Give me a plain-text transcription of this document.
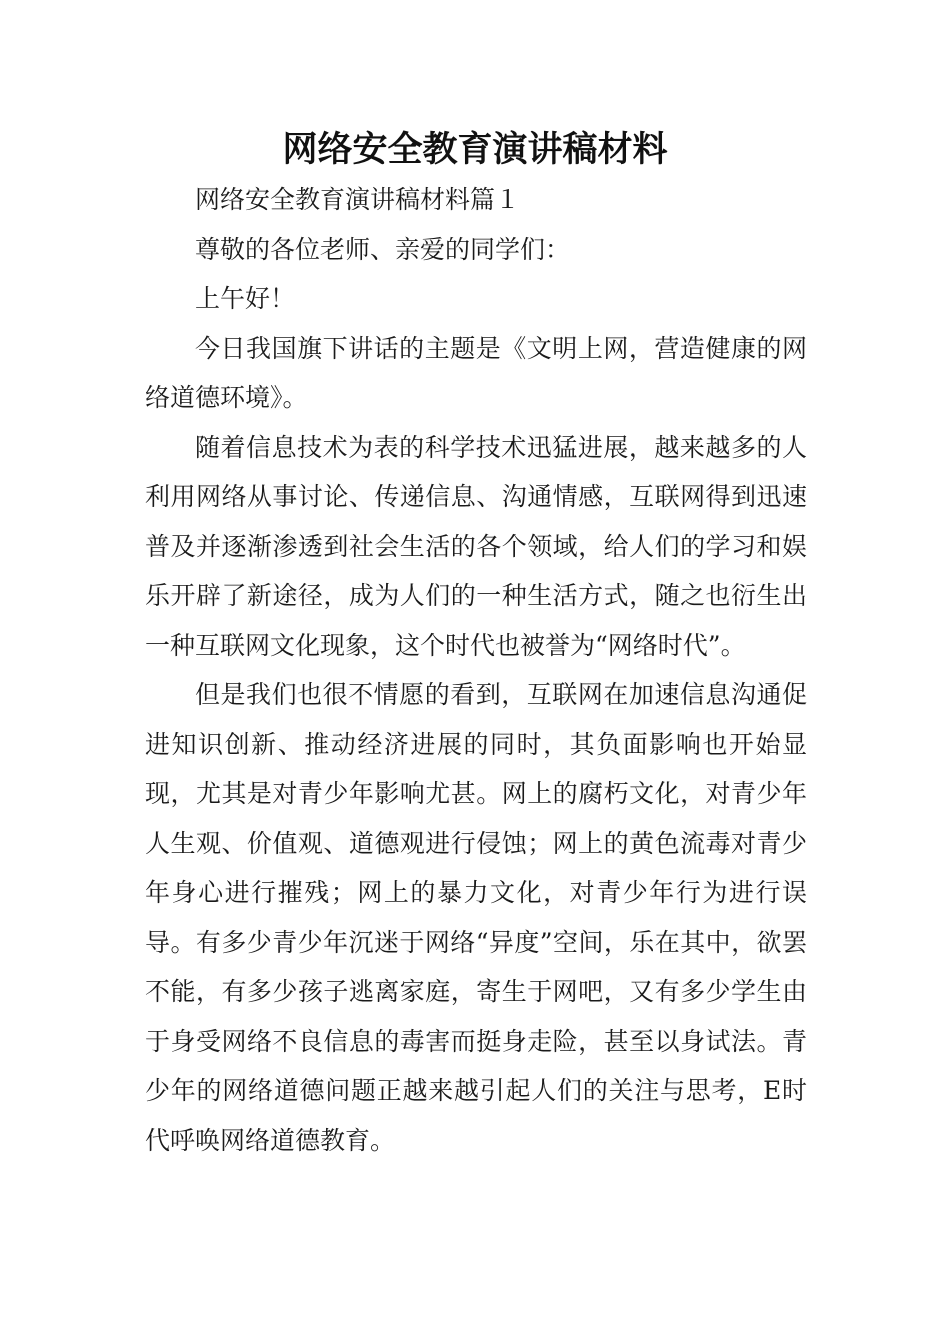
网络安全教育演讲稿材料

网络安全教育演讲稿材料篇１

尊敬的各位老师、亲爱的同学们：

上午好！

今日我国旗下讲话的主题是《文明上网，营造健康的网络道德环境》。

随着信息技术为表的科学技术迅猛进展，越来越多的人利用网络从事讨论、传递信息、沟通情感，互联网得到迅速普及并逐渐渗透到社会生活的各个领域，给人们的学习和娱乐开辟了新途径，成为人们的一种生活方式，随之也衍生出一种互联网文化现象，这个时代也被誉为“网络时代”。

但是我们也很不情愿的看到，互联网在加速信息沟通促进知识创新、推动经济进展的同时，其负面影响也开始显现，尤其是对青少年影响尤甚。网上的腐朽文化，对青少年人生观、价值观、道德观进行侵蚀；网上的黄色流毒对青少年身心进行摧残；网上的暴力文化，对青少年行为进行误导。有多少青少年沉迷于网络“异度”空间，乐在其中，欲罢不能，有多少孩子逃离家庭，寄生于网吧，又有多少学生由于身受网络不良信息的毒害而挺身走险，甚至以身试法。青少年的网络道德问题正越来越引起人们的关注与思考，E时代呼唤网络道德教育。
